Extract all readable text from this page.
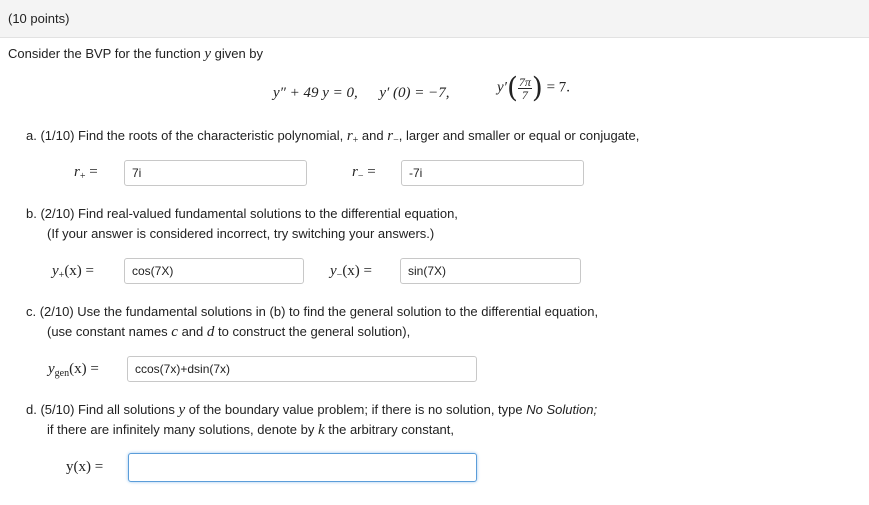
(10 points)
Consider the BVP for the function y given by
y″ + 49 y = 0, y′ (0) = −7,	$y'( \frac{7\pi}{7}$ ) = 7.
a. (1/10) Find the roots of the characteristic polynomial, $r_+$ and $r_-$, larger and smaller or equal or conjugate,
$r_+$ =
7i	$r_-$ =
-7i
b. (2/10) Find real-valued fundamental solutions to the differential equation,
(If your answer is considered incorrect, try switching your answers.)
$y_+(x)$ =
cos(7X)	$y_-(x)$ =
sin(7X)
c. (2/10) Use the fundamental solutions in (b) to find the general solution to the differential equation,
(use constant names c and d to construct the general solution),
$y_{gen}(x)$ =
ccos(7x)+dsin(7x)
d. (5/10) Find all solutions y of the boundary value problem; if there is no solution, type No Solution;
if there are infinitely many solutions, denote by k the arbitrary constant,
y(x) =
